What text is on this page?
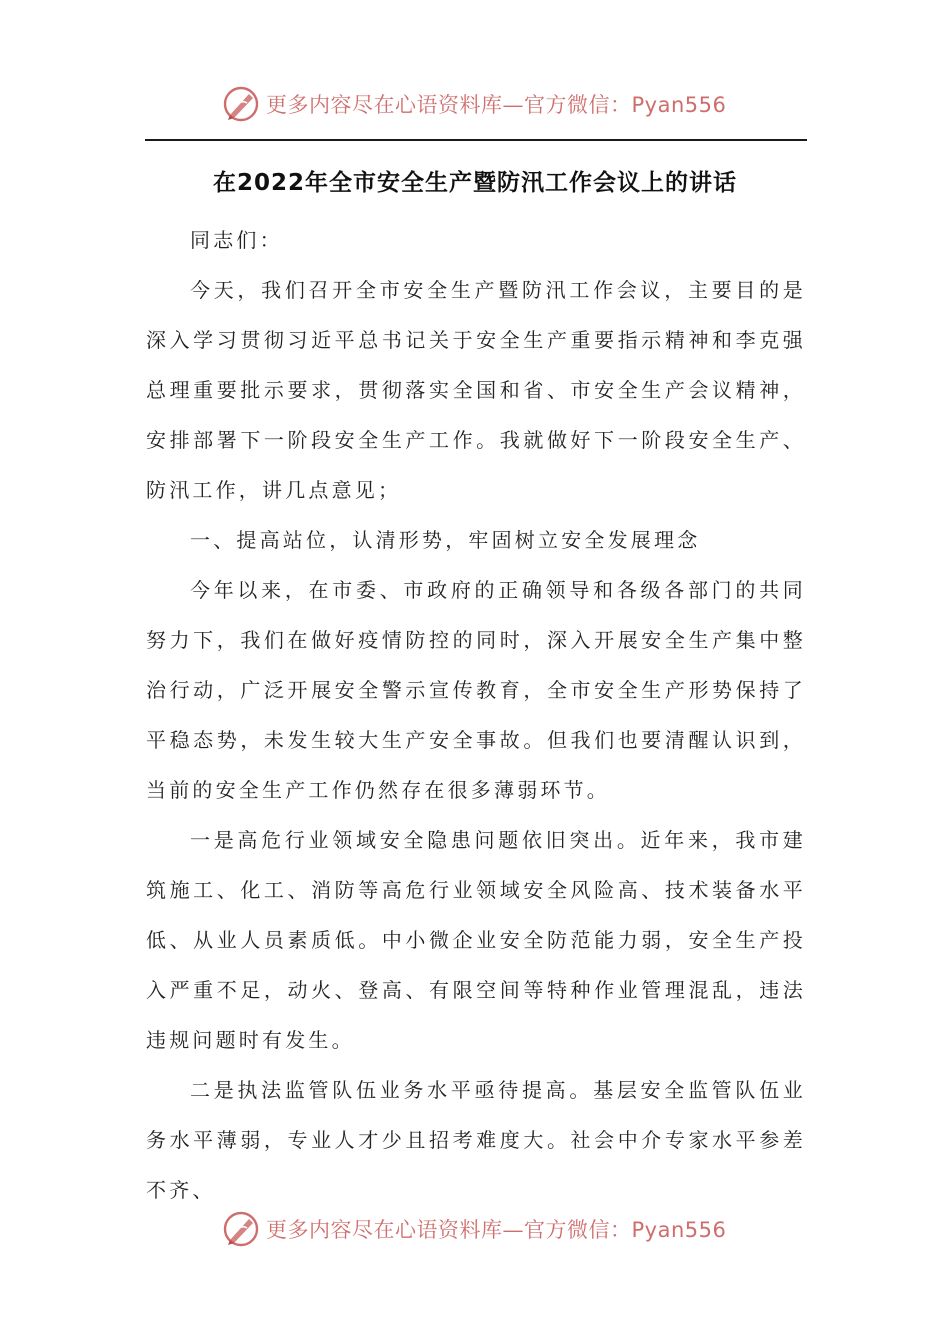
更多内容尽在心语资料库—官方微信：Pyan556
在2022年全市安全生产暨防汛工作会议上的讲话

同志们：

今天，我们召开全市安全生产暨防汛工作会议，主要目的是深入学习贯彻习近平总书记关于安全生产重要指示精神和李克强总理重要批示要求，贯彻落实全国和省、市安全生产会议精神，安排部署下一阶段安全生产工作。我就做好下一阶段安全生产、防汛工作，讲几点意见；

一、提高站位，认清形势，牢固树立安全发展理念

今年以来，在市委、市政府的正确领导和各级各部门的共同努力下，我们在做好疫情防控的同时，深入开展安全生产集中整治行动，广泛开展安全警示宣传教育，全市安全生产形势保持了平稳态势，未发生较大生产安全事故。但我们也要清醒认识到，当前的安全生产工作仍然存在很多薄弱环节。

一是高危行业领域安全隐患问题依旧突出。近年来，我市建筑施工、化工、消防等高危行业领域安全风险高、技术装备水平低、从业人员素质低。中小微企业安全防范能力弱，安全生产投入严重不足，动火、登高、有限空间等特种作业管理混乱，违法违规问题时有发生。

二是执法监管队伍业务水平亟待提高。基层安全监管队伍业务水平薄弱，专业人才少且招考难度大。社会中介专家水平参差不齐、

更多内容尽在心语资料库—官方微信：Pyan556
